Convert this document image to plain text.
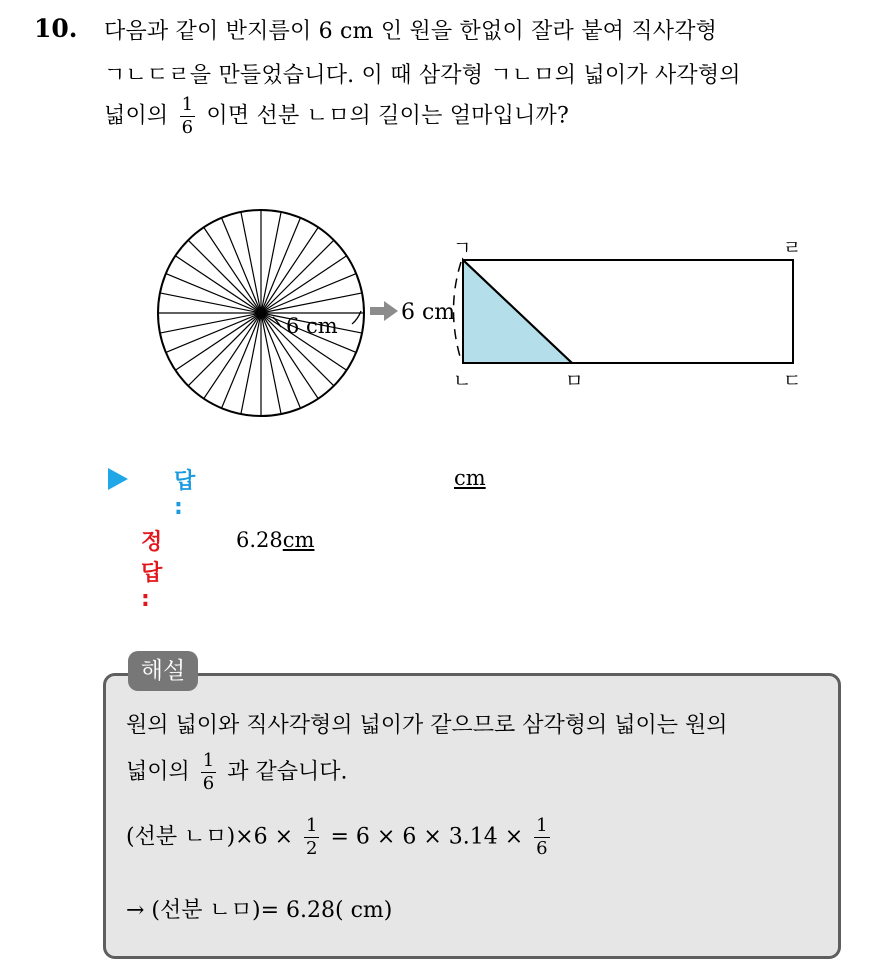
10. 다음과 같이 반지름이 6 cm 인 원을 한없이 잘라 붙여 직사각형
ㄱㄴㄷㄹ을 만들었습니다. 이 때 삼각형 ㄱㄴㅁ의 넓이가 사각형의
넓이의 $\frac{1}{6}$ 이면 선분 ㄴㅁ의 길이는 얼마입니까?
6 cm
6 cm
ㄱ	ㄹ
ㄴ	ㅁ	ㄷ
답 :
cm
정답 :
6.28cm
해설
원의 넓이와 직사각형의 넓이가 같으므로 삼각형의 넓이는 원의
넓이의 $\frac{1}{6}$ 과 같습니다.
(선분 ㄴㅁ)$\times 6 \times \frac{1}{2} = 6 \times 6 \times 3.14 \times \frac{1}{6}$
→ (선분 ㄴㅁ)= 6.28( cm)
